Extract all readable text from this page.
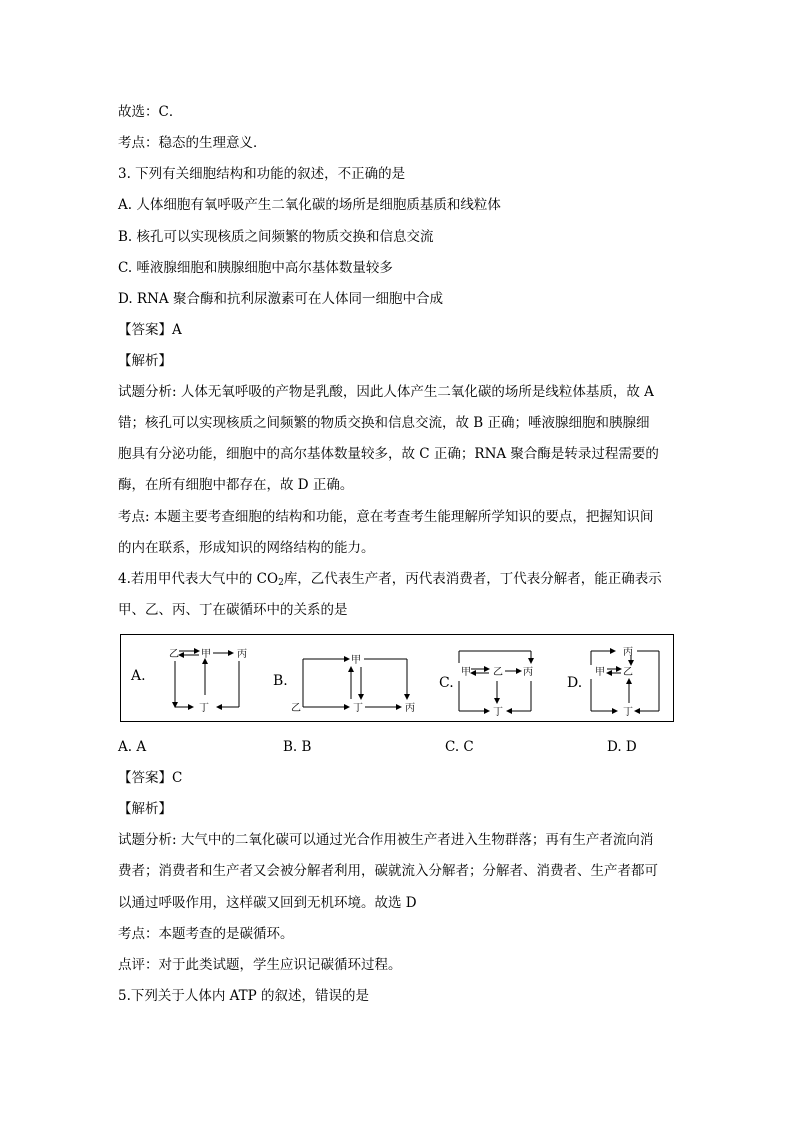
故选：C．
考点：稳态的生理意义．
3. 下列有关细胞结构和功能的叙述，不正确的是
A. 人体细胞有氧呼吸产生二氧化碳的场所是细胞质基质和线粒体
B. 核孔可以实现核质之间频繁的物质交换和信息交流
C. 唾液腺细胞和胰腺细胞中高尔基体数量较多
D. RNA 聚合酶和抗利尿激素可在人体同一细胞中合成
【答案】A
【解析】
试题分析: 人体无氧呼吸的产物是乳酸，因此人体产生二氧化碳的场所是线粒体基质，故 A
错；核孔可以实现核质之间频繁的物质交换和信息交流，故 B 正确；唾液腺细胞和胰腺细
胞具有分泌功能，细胞中的高尔基体数量较多，故 C 正确；RNA 聚合酶是转录过程需要的
酶，在所有细胞中都存在，故 D 正确。
考点: 本题主要考查细胞的结构和功能，意在考查考生能理解所学知识的要点，把握知识间
的内在联系，形成知识的网络结构的能力。
4.若用甲代表大气中的 $CO_2$库，乙代表生产者，丙代表消费者，丁代表分解者，能正确表示
甲、乙、丙、丁在碳循环中的关系的是
A.
乙 甲	丙
丁
B.
甲
乙	丁	丙
C.
甲 乙 丙
丁
D.
丙
甲 乙
丁
A. A	B. B	C. C	D. D
【答案】C
【解析】
试题分析: 大气中的二氧化碳可以通过光合作用被生产者进入生物群落；再有生产者流向消
费者；消费者和生产者又会被分解者利用，碳就流入分解者；分解者、消费者、生产者都可
以通过呼吸作用，这样碳又回到无机环境。故选 D
考点：本题考查的是碳循环。
点评：对于此类试题，学生应识记碳循环过程。
5.下列关于人体内 ATP 的叙述，错误的是
